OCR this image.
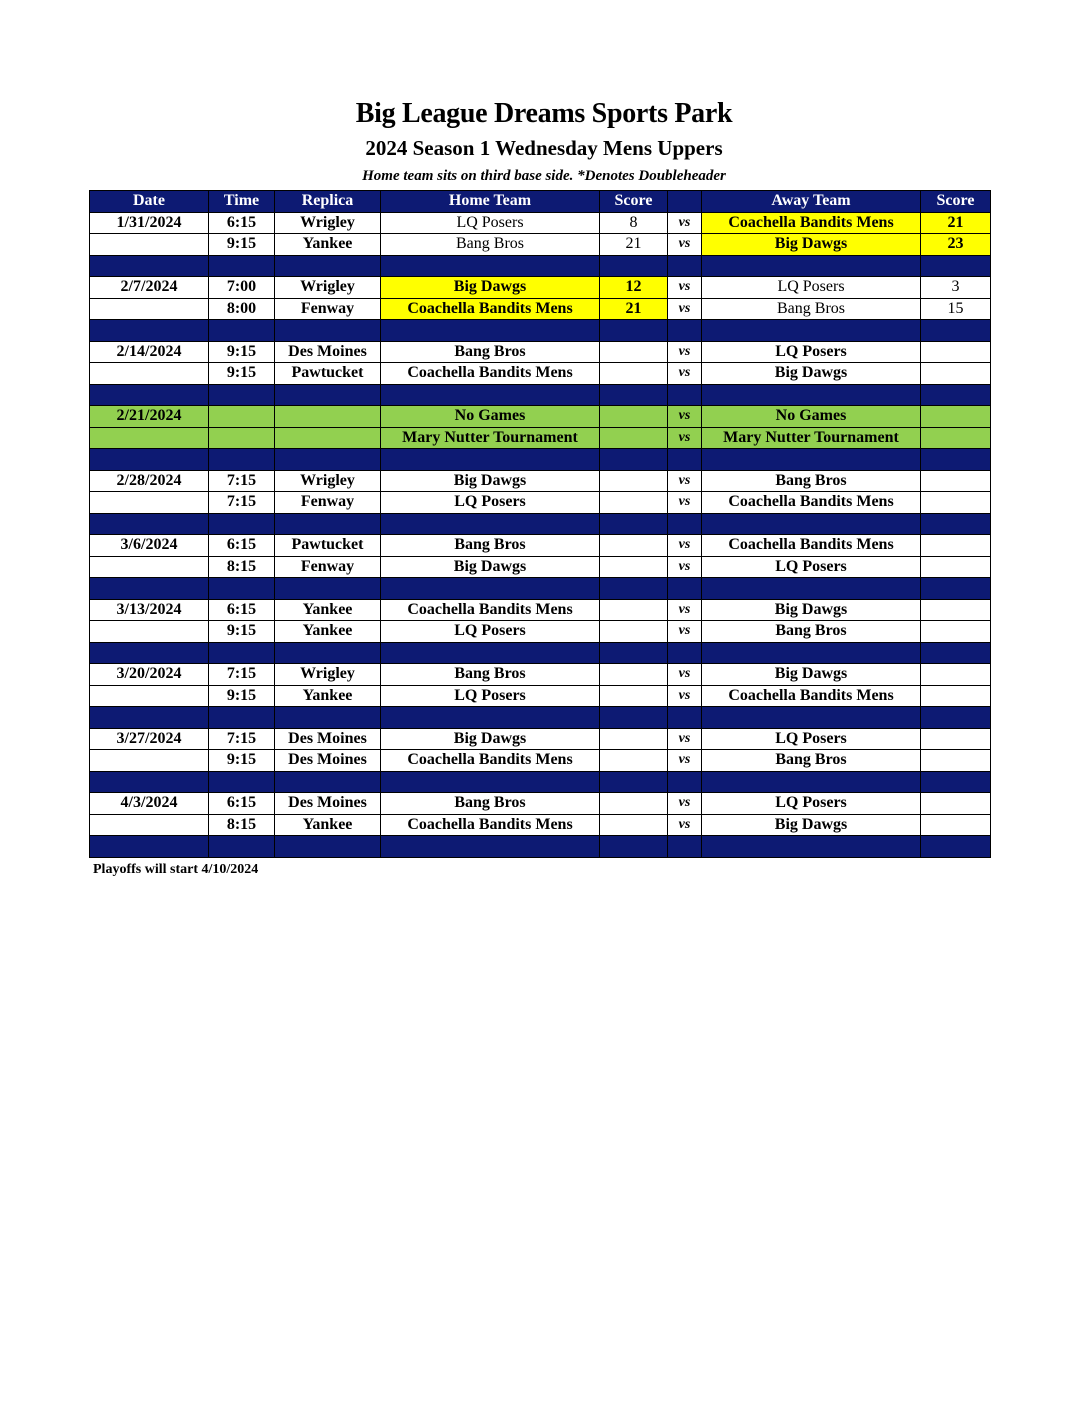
Big League Dreams Sports Park
2024 Season 1 Wednesday Mens Uppers
Home team sits on third base side. *Denotes Doubleheader
Date	Time	Replica	Home Team	Score		Away Team	Score
1/31/2024	6:15	Wrigley	LQ Posers	8	vs	Coachella Bandits Mens	21
	9:15	Yankee	Bang Bros	21	vs	Big Dawgs	23

2/7/2024	7:00	Wrigley	Big Dawgs	12	vs	LQ Posers	3
	8:00	Fenway	Coachella Bandits Mens	21	vs	Bang Bros	15

2/14/2024	9:15	Des Moines	Bang Bros		vs	LQ Posers	
	9:15	Pawtucket	Coachella Bandits Mens		vs	Big Dawgs	

2/21/2024			No Games		vs	No Games	
			Mary Nutter Tournament		vs	Mary Nutter Tournament	

2/28/2024	7:15	Wrigley	Big Dawgs		vs	Bang Bros	
	7:15	Fenway	LQ Posers		vs	Coachella Bandits Mens	

3/6/2024	6:15	Pawtucket	Bang Bros		vs	Coachella Bandits Mens	
	8:15	Fenway	Big Dawgs		vs	LQ Posers	

3/13/2024	6:15	Yankee	Coachella Bandits Mens		vs	Big Dawgs	
	9:15	Yankee	LQ Posers		vs	Bang Bros	

3/20/2024	7:15	Wrigley	Bang Bros		vs	Big Dawgs	
	9:15	Yankee	LQ Posers		vs	Coachella Bandits Mens	

3/27/2024	7:15	Des Moines	Big Dawgs		vs	LQ Posers	
	9:15	Des Moines	Coachella Bandits Mens		vs	Bang Bros	

4/3/2024	6:15	Des Moines	Bang Bros		vs	LQ Posers	
	8:15	Yankee	Coachella Bandits Mens		vs	Big Dawgs	

Playoffs will start 4/10/2024
